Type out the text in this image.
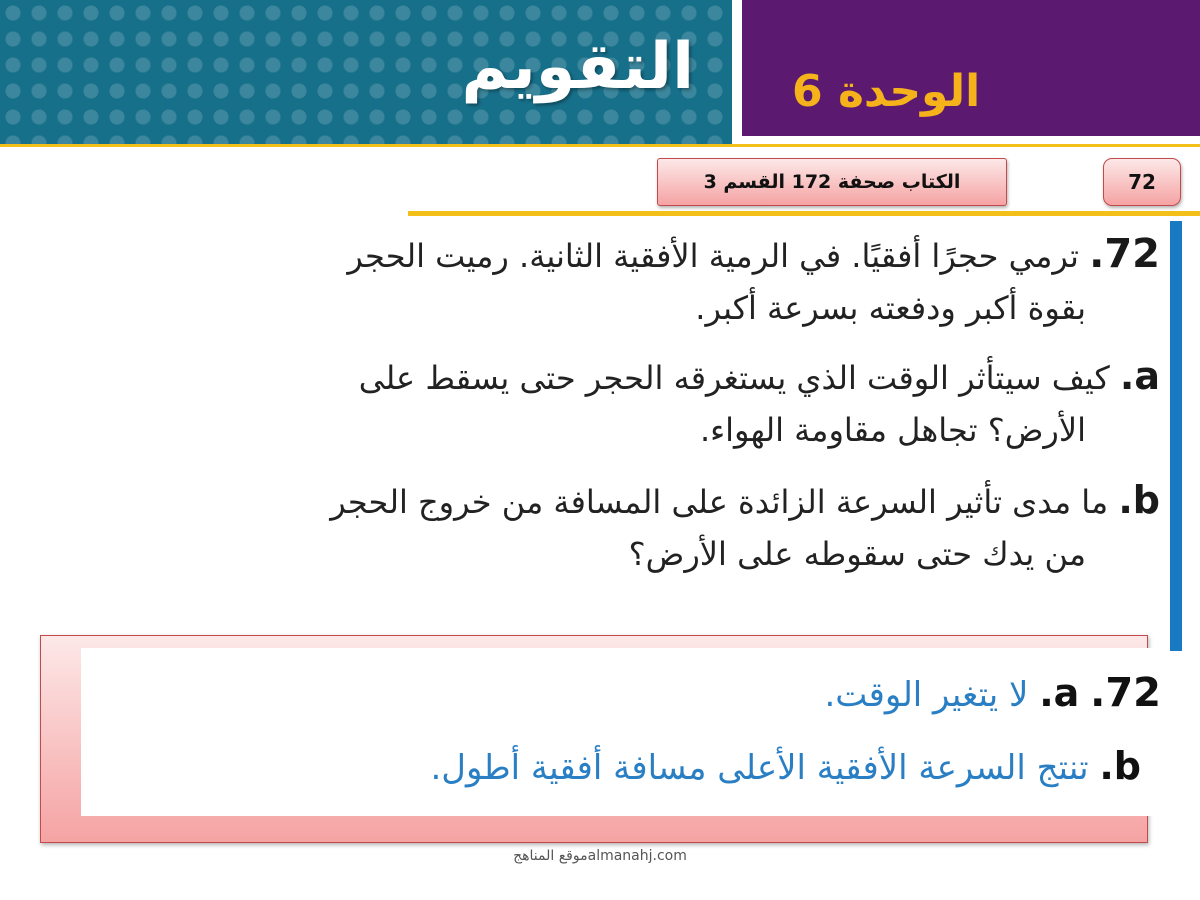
التقويم الوحدة 6
الكتاب صحفة 172 القسم 3	72
72. ترمي حجرًا أفقيًا. في الرمية الأفقية الثانية. رميت الحجر
بقوة أكبر ودفعته بسرعة أكبر.
a. كيف سيتأثر الوقت الذي يستغرقه الحجر حتى يسقط على
الأرض؟ تجاهل مقاومة الهواء.
b. ما مدى تأثير السرعة الزائدة على المسافة من خروج الحجر
من يدك حتى سقوطه على الأرض؟
72. a. لا يتغير الوقت.
b. تنتج السرعة الأفقية الأعلى مسافة أفقية أطول.
موقع المناهجalmanahj.com
